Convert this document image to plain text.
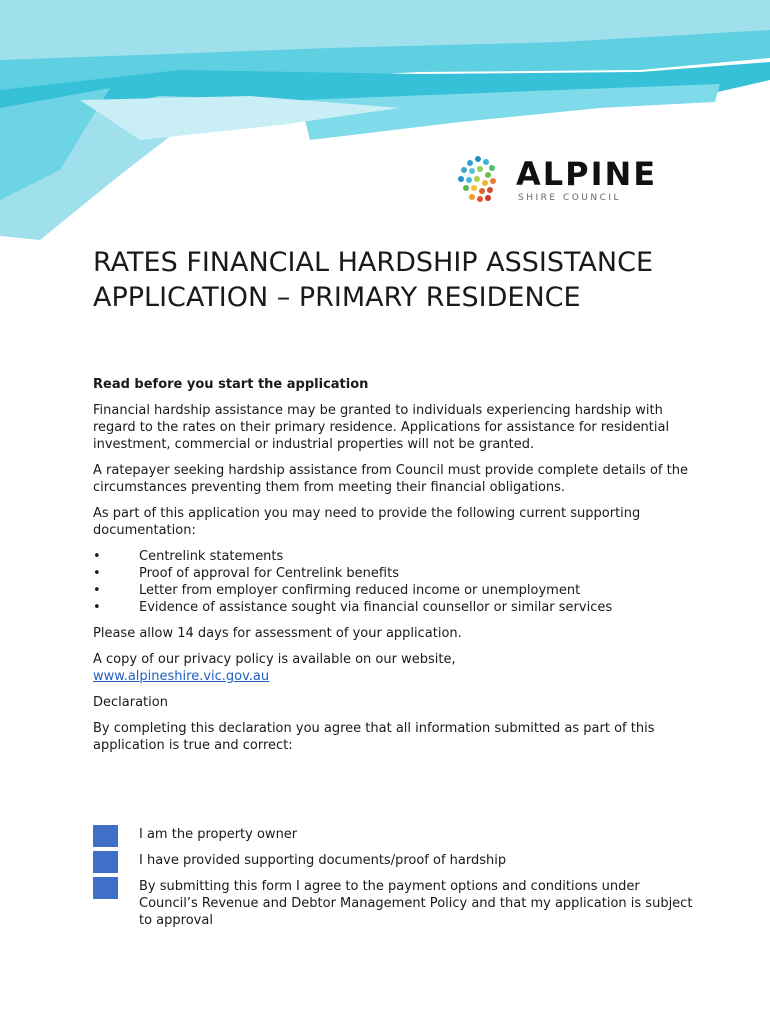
ALPINE
SHIRE COUNCIL
RATES FINANCIAL HARDSHIP ASSISTANCE APPLICATION – PRIMARY RESIDENCE

Read before you start the application

Financial hardship assistance may be granted to individuals experiencing hardship with regard to the rates on their primary residence. Applications for assistance for residential investment, commercial or industrial properties will not be granted.

A ratepayer seeking hardship assistance from Council must provide complete details of the circumstances preventing them from meeting their financial obligations.

As part of this application you may need to provide the following current supporting documentation:

•	Centrelink statements
•	Proof of approval for Centrelink benefits
•	Letter from employer confirming reduced income or unemployment
•	Evidence of assistance sought via financial counsellor or similar services

Please allow 14 days for assessment of your application.

A copy of our privacy policy is available on our website,
www.alpineshire.vic.gov.au

Declaration

By completing this declaration you agree that all information submitted as part of this application is true and correct:

I am the property owner
I have provided supporting documents/proof of hardship
By submitting this form I agree to the payment options and conditions under Council’s Revenue and Debtor Management Policy and that my application is subject to approval
